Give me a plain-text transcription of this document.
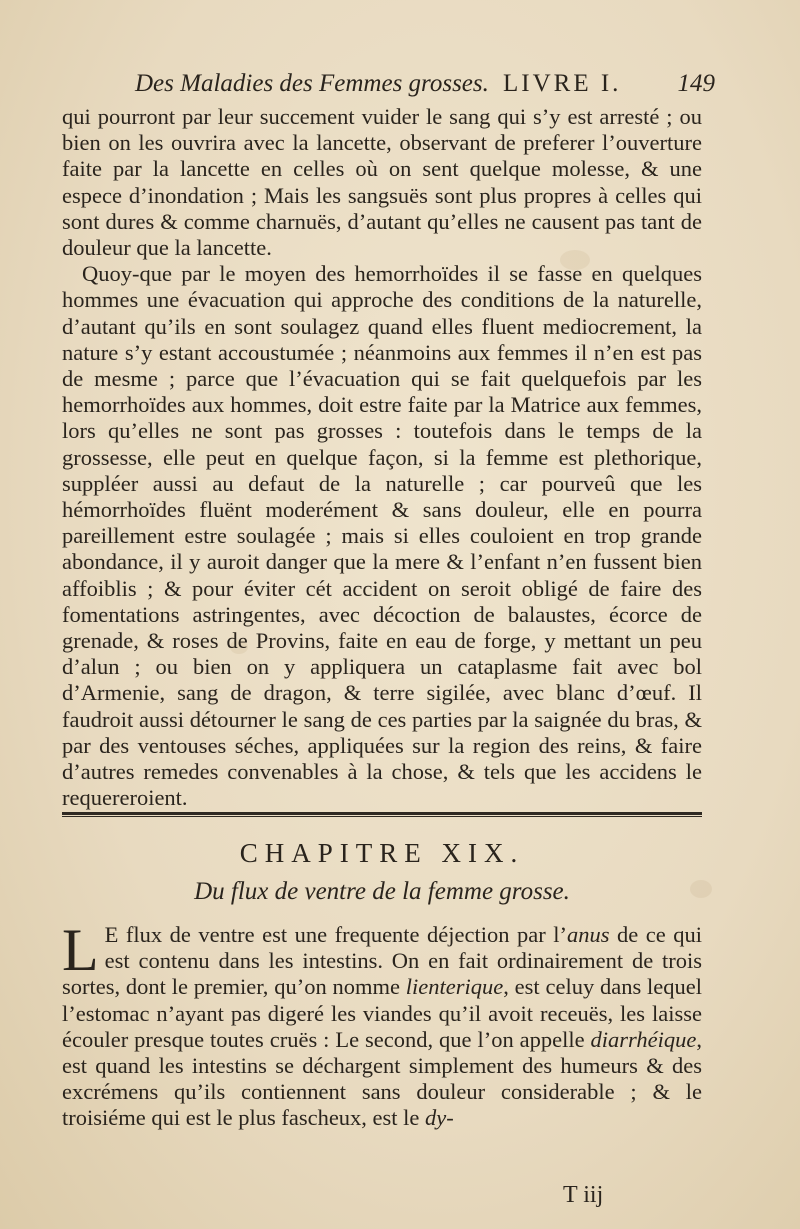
Des Maladies des Femmes grosses. LIVRE I. 149

qui pourront par leur succement vuider le sang qui s’y est arresté ; ou bien on les ouvrira avec la lancette, observant de preferer l’ouverture faite par la lancette en celles où on sent quelque molesse, & une espece d’inondation ; Mais les sangsuës sont plus propres à celles qui sont dures & comme charnuës, d’autant qu’elles ne causent pas tant de douleur que la lancette.

Quoy-que par le moyen des hemorrhoïdes il se fasse en quelques hommes une évacuation qui approche des conditions de la naturelle, d’autant qu’ils en sont soulagez quand elles fluent mediocrement, la nature s’y estant accoustumée ; néanmoins aux femmes il n’en est pas de mesme ; parce que l’évacuation qui se fait quelquefois par les hemorrhoïdes aux hommes, doit estre faite par la Matrice aux femmes, lors qu’elles ne sont pas grosses : toutefois dans le temps de la grossesse, elle peut en quelque façon, si la femme est plethorique, suppléer aussi au defaut de la naturelle ; car pourveû que les hémorrhoïdes fluënt moderément & sans douleur, elle en pourra pareillement estre soulagée ; mais si elles couloient en trop grande abondance, il y auroit danger que la mere & l’enfant n’en fussent bien affoiblis ; & pour éviter cét accident on seroit obligé de faire des fomentations astringentes, avec décoction de balaustes, écorce de grenade, & roses de Provins, faite en eau de forge, y mettant un peu d’alun ; ou bien on y appliquera un cataplasme fait avec bol d’Armenie, sang de dragon, & terre sigilée, avec blanc d’œuf. Il faudroit aussi détourner le sang de ces parties par la saignée du bras, & par des ventouses séches, appliquées sur la region des reins, & faire d’autres remedes convenables à la chose, & tels que les accidens le requereroient.

CHAPITRE XIX.
Du flux de ventre de la femme grosse.
L E flux de ventre est une frequente déjection par l’anus de ce qui est contenu dans les intestins. On en fait ordinairement de trois sortes, dont le premier, qu’on nomme lienterique, est celuy dans lequel l’estomac n’ayant pas digeré les viandes qu’il avoit receuës, les laisse écouler presque toutes cruës : Le second, que l’on appelle diarrhéique, est quand les intestins se déchargent simplement des humeurs & des excrémens qu’ils contiennent sans douleur considerable ; & le troisiéme qui est le plus fascheux, est le dy-
T iij
